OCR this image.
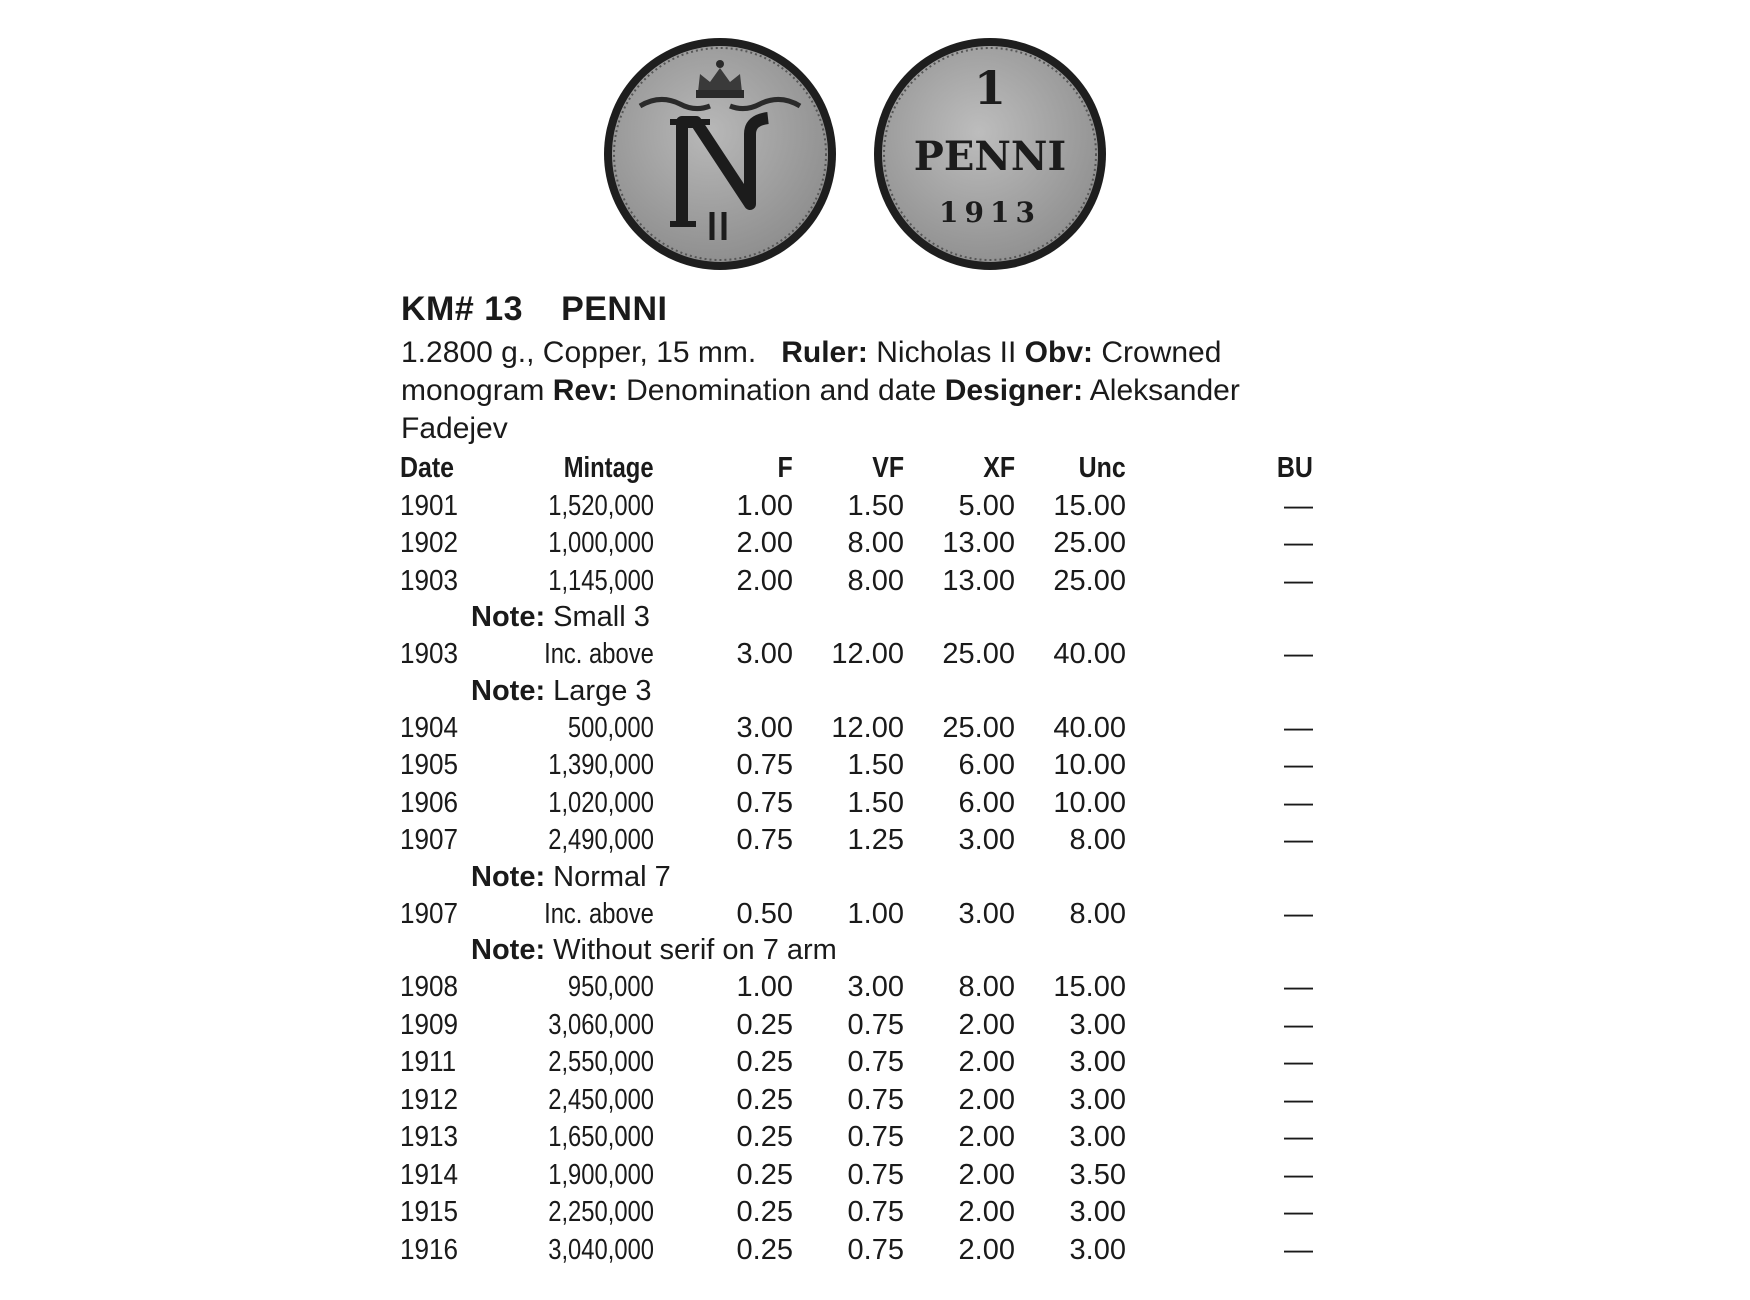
1
PENNI
1913
KM# 13 PENNI
1.2800 g., Copper, 15 mm. Ruler: Nicholas II Obv: Crowned monogram Rev: Denomination and date Designer: Aleksander Fadejev
Date	Mintage	F	VF	XF Unc	BU
1901	1,520,000	1.00 1.50 5.00 15.00	—
1902	1,000,000	2.00 8.00 13.00 25.00	—
1903	1,145,000	2.00 8.00 13.00 25.00	—
Note: Small 3
1903	Inc. above	3.00 12.00 25.00 40.00	—
Note: Large 3
1904	500,000	3.00 12.00 25.00 40.00	—
1905	1,390,000	0.75 1.50 6.00 10.00	—
1906	1,020,000	0.75 1.50 6.00 10.00	—
1907	2,490,000	0.75 1.25 3.00 8.00	—
Note: Normal 7
1907	Inc. above	0.50 1.00 3.00 8.00	—
Note: Without serif on 7 arm
1908	950,000	1.00 3.00 8.00 15.00	—
1909	3,060,000	0.25 0.75 2.00 3.00	—
1911	2,550,000	0.25 0.75 2.00 3.00	—
1912	2,450,000	0.25 0.75 2.00 3.00	—
1913	1,650,000	0.25 0.75 2.00 3.00	—
1914	1,900,000	0.25 0.75 2.00 3.50	—
1915	2,250,000	0.25 0.75 2.00 3.00	—
1916	3,040,000	0.25 0.75 2.00 3.00	—
